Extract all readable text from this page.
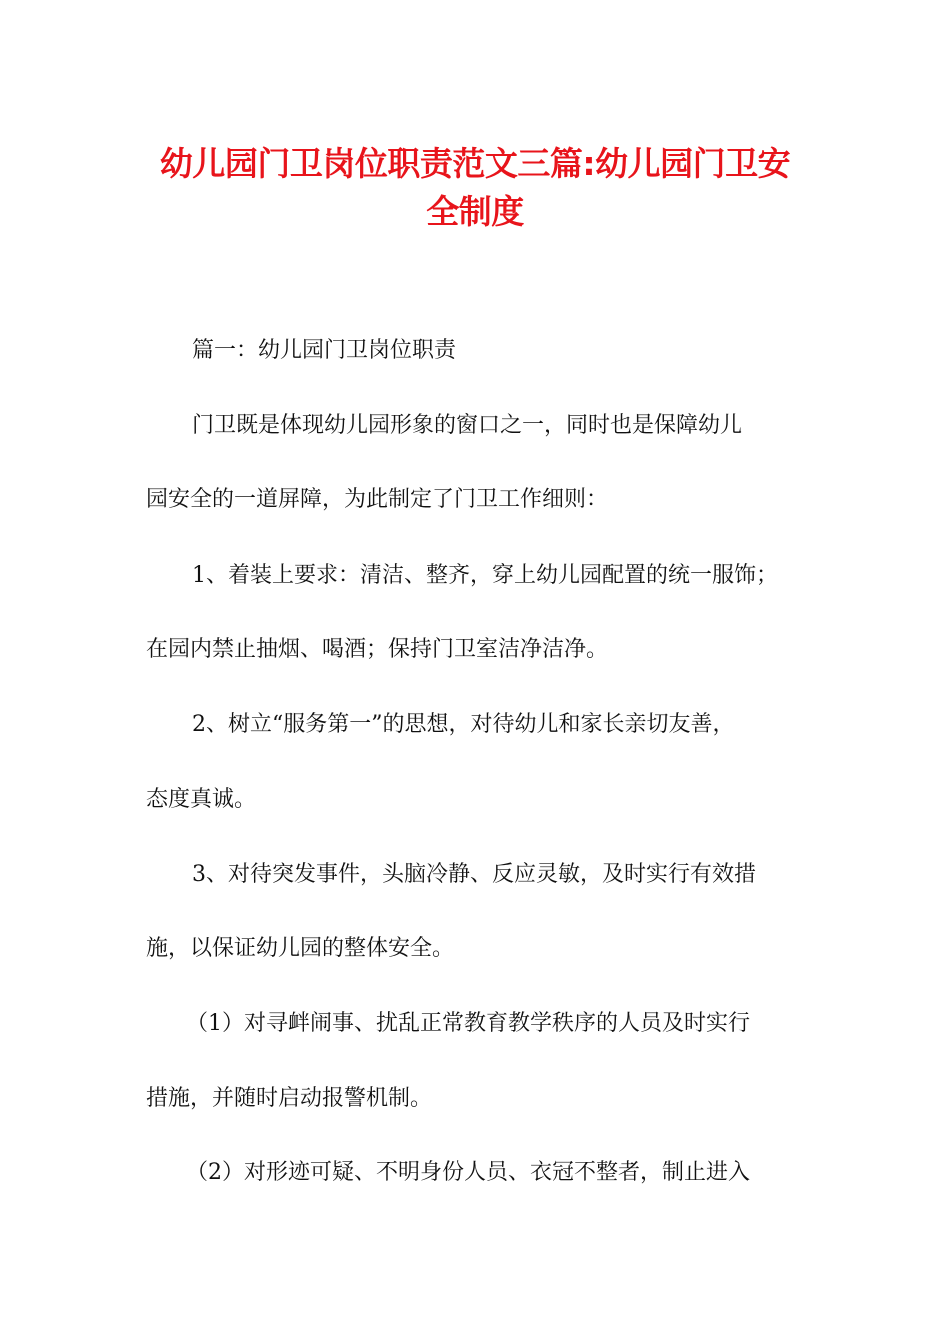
幼儿园门卫岗位职责范文三篇:幼儿园门卫安
全制度

篇一：幼儿园门卫岗位职责

门卫既是体现幼儿园形象的窗口之一，同时也是保障幼儿

园安全的一道屏障，为此制定了门卫工作细则：

1、着装上要求：清洁、整齐，穿上幼儿园配置的统一服饰；

在园内禁止抽烟、喝酒；保持门卫室洁净洁净。

2、树立“服务第一”的思想，对待幼儿和家长亲切友善，

态度真诚。

3、对待突发事件，头脑冷静、反应灵敏，及时实行有效措

施，以保证幼儿园的整体安全。

（1）对寻衅闹事、扰乱正常教育教学秩序的人员及时实行

措施，并随时启动报警机制。

（2）对形迹可疑、不明身份人员、衣冠不整者，制止进入
